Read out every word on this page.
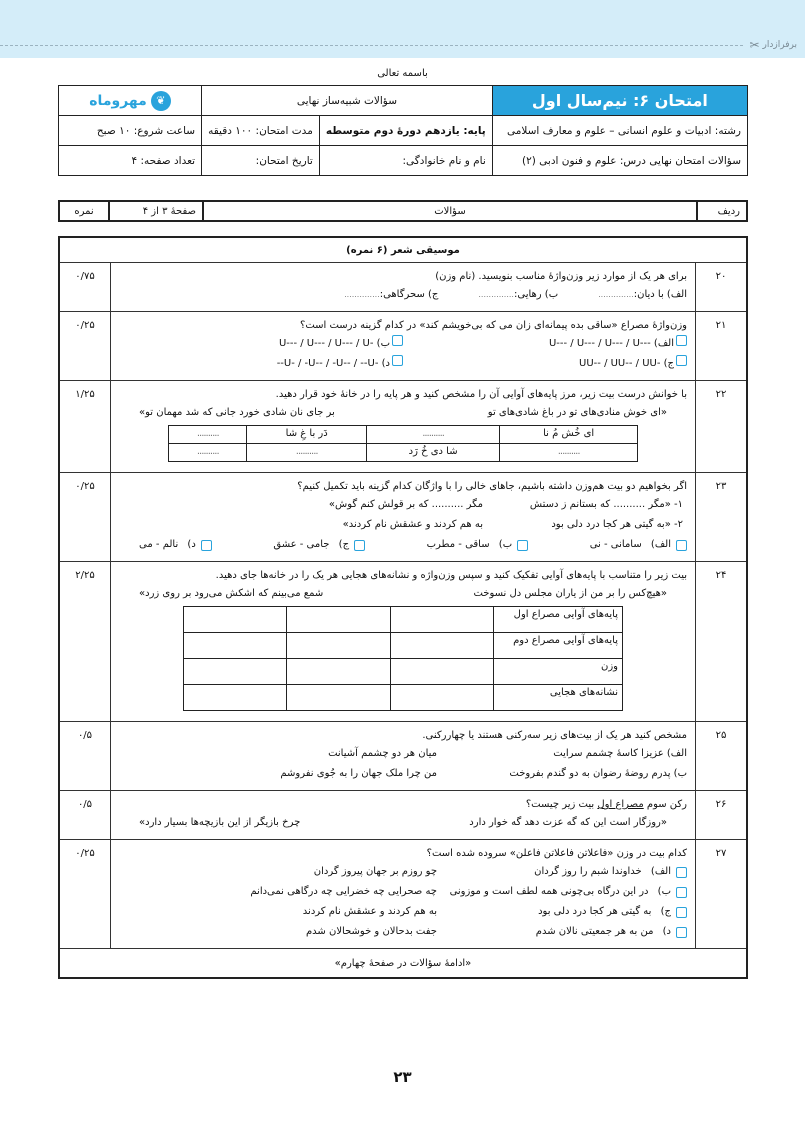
برفرازدار
✂
باسمه تعالی
امتحان ۶: نیم‌سال اول	سؤالات شبیه‌ساز نهایی		❦
مهروماه

رشته: ادبیات و علوم انسانی – علوم و معارف اسلامی	پایه: یازدهم دورهٔ دوم متوسطه	مدت امتحان: ۱۰۰ دقیقه	ساعت شروع: ۱۰ صبح
سؤالات امتحان نهایی درس: علوم و فنون ادبی (۲)	نام و نام خانوادگی:	تاریخ امتحان:	تعداد صفحه: ۴
ردیف	سؤالات	صفحهٔ ۳ از ۴	نمره
موسیقی شعر (۶ نمره)
۲۰	
برای هر یک از موارد زیر وزن‌واژهٔ مناسب بنویسید. (نام وزن)
الف) با دیان:..............
ب) رهایی:..............
ج) سحرگاهی:..............
	۰/۷۵
۲۱	
وزن‌واژهٔ مصراع «ساقی بده پیمانه‌ای زان می که بی‌خویشم کند» در کدام گزینه درست است؟
الف) U--- / U--- / U--- / U---
ب) U--- / U--- / U--- / U-
ج) UU-- / UU-- / UU-
د) --U- / -U-- / -U-- / --U-
	۰/۲۵
۲۲	
با خوانش درست بیت زیر، مرز پایه‌های آوایی آن را مشخص کنید و هر پایه را در خانهٔ خود قرار دهید.
«ای خوش منادی‌های تو در باغ شادی‌های تو
بر جای نان شادی خورد جانی که شد مهمان تو»
ای خُش مُ نا	..........	دَر با غِ شا	..........
..........	شا دی خُ رَد	..........	..........
	۱/۲۵
۲۳	
اگر بخواهیم دو بیت هم‌وزن داشته باشیم، جاهای خالی را با واژگان کدام گزینه باید تکمیل کنیم؟
۱- «مگر .......... که بستانم ز دستش
مگر .......... که بر قولش کنم گوش»
۲- «به گیتی هر کجا درد دلی بود
به هم کردند و عشقش نام کردند»
الف)

سامانی - نی
ب)

ساقی - مطرب
ج)

جامی - عشق
د)

نالم - می
	۰/۲۵
۲۴	
بیت زیر را متناسب با پایه‌های آوایی تفکیک کنید و سپس وزن‌واژه و نشانه‌های هجایی هر یک را در خانه‌ها جای دهید.
«هیچ‌کس را بر من از یاران مجلس دل نسوخت
شمع می‌بینم که اشکش می‌رود بر روی زرد»
پایه‌های آوایی مصراع اول			
پایه‌های آوایی مصراع دوم			
وزن			
نشانه‌های هجایی			
	۲/۲۵
۲۵	
مشخص کنید هر یک از بیت‌های زیر سه‌رکنی هستند یا چهاررکنی.
الف) عزیزا کاسهٔ چشمم سرایت
میان هر دو چشمم آشیانت
ب) پدرم روضهٔ رضوان به دو گندم بفروخت
من چرا ملک جهان را به جُوی نفروشم
	۰/۵
۲۶	
رکن سوم مصراع اول بیت زیر چیست؟
«روزگار است این که گه عزت دهد گه خوار دارد
چرخ بازیگر از این بازیچه‌ها بسیار دارد»
	۰/۵
۲۷	
کدام بیت در وزن «فاعلاتن فاعلاتن فاعلن» سروده شده است؟
الف)

خداوندا شبم را روز گردان
چو روزم بر جهان پیروز گردان
ب)

در این درگاه بی‌چونی همه لطف است و موزونی
چه صحرایی چه خضرایی چه درگاهی نمی‌دانم
ج)

به گیتی هر کجا درد دلی بود
به هم کردند و عشقش نام کردند
د)

من به هر جمعیتی نالان شدم
جفت بدحالان و خوشحالان شدم
	۰/۲۵
«ادامهٔ سؤالات در صفحهٔ چهارم»
۲۳
